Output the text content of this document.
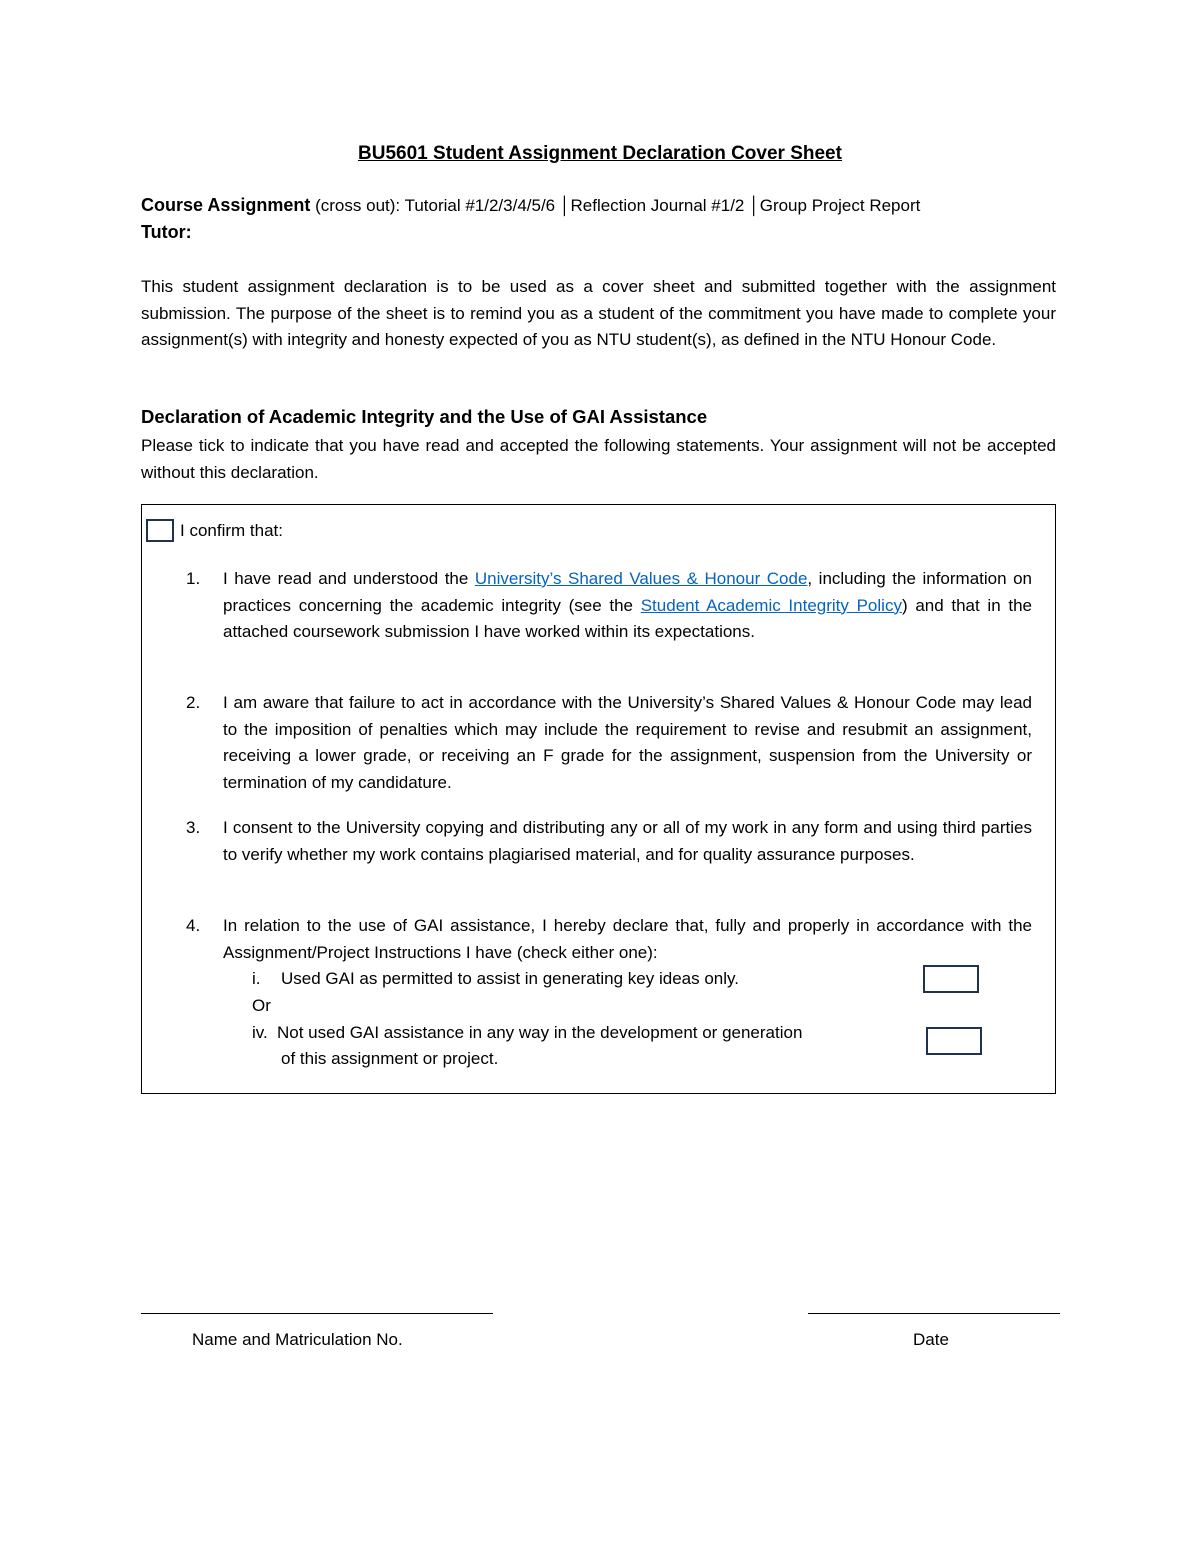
BU5601 Student Assignment Declaration Cover Sheet
Course Assignment (cross out): Tutorial #1/2/3/4/5/6 │Reflection Journal #1/2 │Group Project Report
Tutor:

This student assignment declaration is to be used as a cover sheet and submitted together with the assignment submission. The purpose of the sheet is to remind you as a student of the commitment you have made to complete your assignment(s) with integrity and honesty expected of you as NTU student(s), as defined in the NTU Honour Code.

Declaration of Academic Integrity and the Use of GAI Assistance

Please tick to indicate that you have read and accepted the following statements. Your assignment will not be accepted without this declaration.

I confirm that:
1.	I have read and understood the University’s Shared Values & Honour Code, including the information on practices concerning the academic integrity (see the Student Academic Integrity Policy) and that in the attached coursework submission I have worked within its expectations.
2.	I am aware that failure to act in accordance with the University’s Shared Values & Honour Code may lead to the imposition of penalties which may include the requirement to revise and resubmit an assignment, receiving a lower grade, or receiving an F grade for the assignment, suspension from the University or termination of my candidature.
3.	I consent to the University copying and distributing any or all of my work in any form and using third parties to verify whether my work contains plagiarised material, and for quality assurance purposes.
4.	In relation to the use of GAI assistance, I hereby declare that, fully and properly in accordance with the Assignment/Project Instructions I have (check either one):
i. Used GAI as permitted to assist in generating key ideas only.
Or
iv. Not used GAI assistance in any way in the development or generation
of this assignment or project.
Name and Matriculation No.	Date
